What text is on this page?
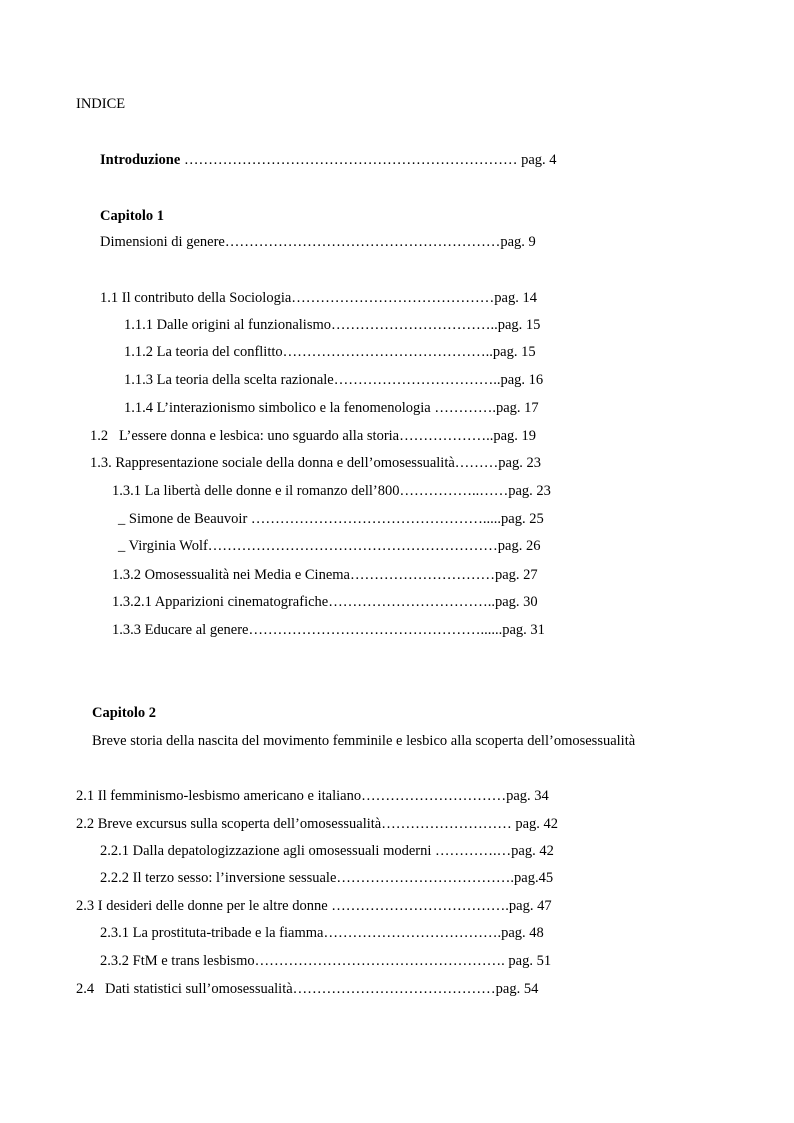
INDICE
Introduzione …………………………………………………………… pag. 4
Capitolo 1
Dimensioni di genere…………………………………………………pag. 9
1.1 Il contributo della Sociologia……………………………………pag. 14
1.1.1 Dalle origini al funzionalismo……………………………..pag. 15
1.1.2 La teoria del conflitto……………………………………..pag. 15
1.1.3 La teoria della scelta razionale……………………………..pag. 16
1.1.4 L’interazionismo simbolico e la fenomenologia ………….pag. 17
1.2   L’essere donna e lesbica: uno sguardo alla storia………………..pag. 19
1.3. Rappresentazione sociale della donna e dell’omosessualità………pag. 23
1.3.1 La libertà delle donne e il romanzo dell’800……………..……pag. 23
_ Simone de Beauvoir ………………………………………….....pag. 25
_ Virginia Wolf……………………………………………………pag. 26
1.3.2 Omosessualità nei Media e Cinema…………………………pag. 27
1.3.2.1 Apparizioni cinematografiche……………………………..pag. 30
1.3.3 Educare al genere…………………………………………......pag. 31
Capitolo 2
Breve storia della nascita del movimento femminile e lesbico alla scoperta dell’omosessualità
2.1 Il femminismo-lesbismo americano e italiano…………………………pag. 34
2.2 Breve excursus sulla scoperta dell’omosessualità……………………… pag. 42
2.2.1 Dalla depatologizzazione agli omosessuali moderni ………….…pag. 42
2.2.2 Il terzo sesso: l’inversione sessuale……………………………….pag.45
2.3 I desideri delle donne per le altre donne ……………………………….pag. 47
2.3.1 La prostituta-tribade e la fiamma……………………………….pag. 48
2.3.2 FtM e trans lesbismo……………………………………………. pag. 51
2.4   Dati statistici sull’omosessualità……………………………………pag. 54
